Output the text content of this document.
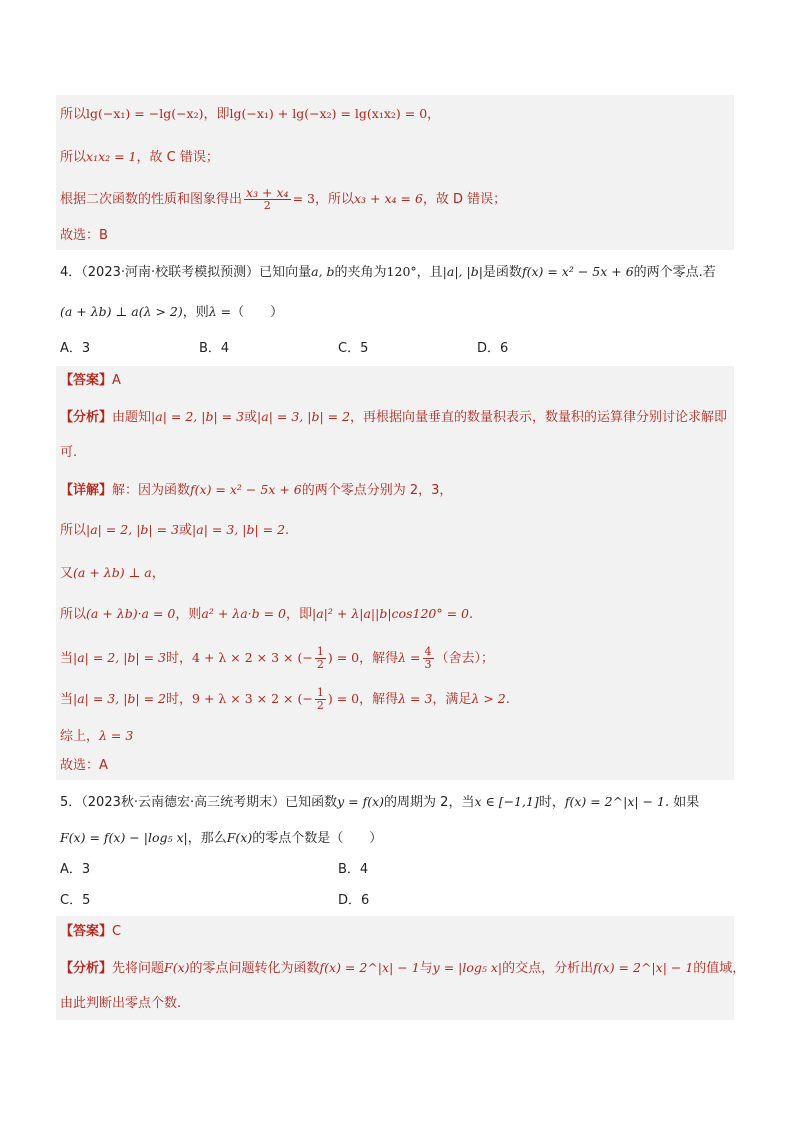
所以lg(−x₁) = −lg(−x₂)，即lg(−x₁) + lg(−x₂) = lg(x₁x₂) = 0，
所以x₁x₂ = 1，故 C 错误；
根据二次函数的性质和图象得出 $\frac{\text{x₃ + x₄}}{2} = 3$，所以x₃ + x₄ = 6，故 D 错误；
故选：B
4．（2023·河南·校联考模拟预测）已知向量a, b的夹角为120°，且|a|, |b|是函数f(x) = x² − 5x + 6的两个零点.若
(a + λb) ⊥ a(λ > 2)，则λ =（　　）
A．3	B．4	C．5	D．6
【答案】A
【分析】由题知|a| = 2, |b| = 3或|a| = 3, |b| = 2，再根据向量垂直的数量积表示，数量积的运算律分别讨论求解即
可.
【详解】解：因为函数f(x) = x² − 5x + 6的两个零点分别为 2，3，
所以|a| = 2, |b| = 3或|a| = 3, |b| = 2.
又(a + λb) ⊥ a，
所以(a + λb)·a = 0，则a² + λa·b = 0，即|a|² + λ|a||b|cos120° = 0.
当|a| = 2, |b| = 3时，4 + λ × 2 × 3 × (− $\frac{1}{2}$ ) = 0，解得$\lambda = \frac{4}{3}$ （舍去）；
当|a| = 3, |b| = 2时，9 + λ × 3 × 2 × (− $\frac{1}{2}$ ) = 0，解得λ = 3，满足λ > 2.
综上，λ = 3
故选：A
5．（2023秋·云南德宏·高三统考期末）已知函数y = f(x)的周期为 2，当x ∈ [−1,1]时，f(x) = 2^|x| − 1. 如果
F(x) = f(x) − |log₅ x|，那么F(x)的零点个数是（　　）
A．3	B．4
C．5	D．6
【答案】C
【分析】先将问题F(x)的零点问题转化为函数f(x) = 2^|x| − 1与y = |log₅ x|的交点，分析出f(x) = 2^|x| − 1的值域，
由此判断出零点个数.
